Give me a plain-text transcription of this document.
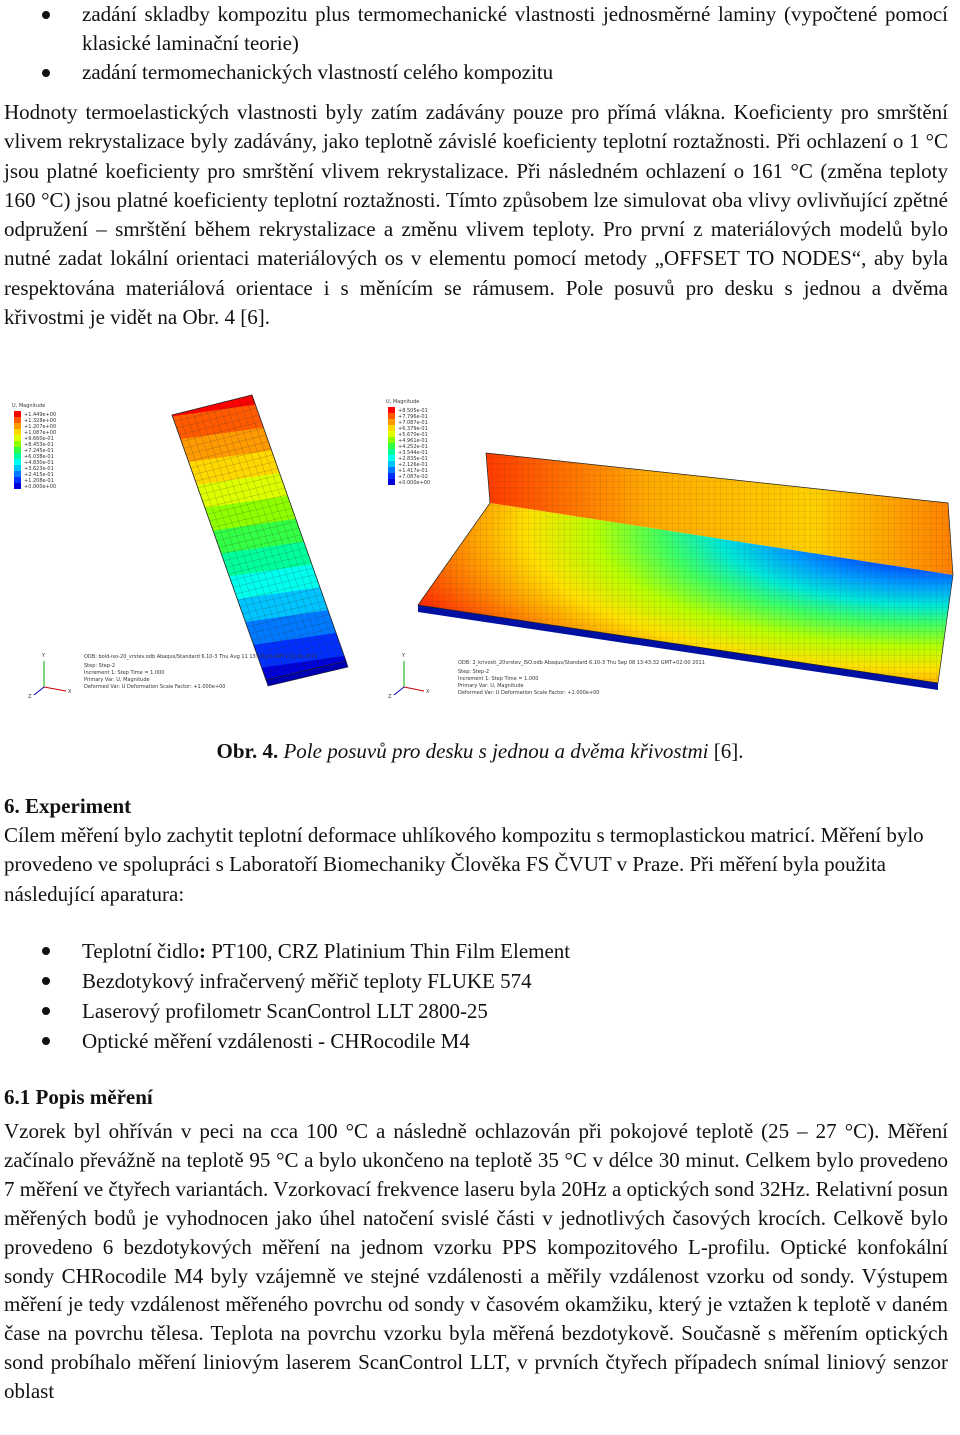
zadání skladby kompozitu plus termomechanické vlastnosti jednosměrné laminy (vypočtené pomocí klasické laminační teorie)
zadání termomechanických vlastností celého kompozitu

Hodnoty termoelastických vlastnosti byly zatím zadávány pouze pro přímá vlákna. Koeficienty pro smrštění vlivem rekrystalizace byly zadávány, jako teplotně závislé koeficienty teplotní roztažnosti. Při ochlazení o 1 °C jsou platné koeficienty pro smrštění vlivem rekrystalizace. Při následném ochlazení o 161 °C (změna teploty 160 °C) jsou platné koeficienty teplotní roztažnosti. Tímto způsobem lze simulovat oba vlivy ovlivňující zpětné odpružení – smrštění během rekrystalizace a změnu vlivem teploty. Pro první z materiálových modelů bylo nutné zadat lokální orientaci materiálových os v elementu pomocí metody „OFFSET TO NODES“, aby byla respektována materiálová orientace i s měnícím se rámusem. Pole posuvů pro desku s jednou a dvěma křivostmi je vidět na Obr. 4 [6].

U, Magnitude
+1.449e+00
+1.328e+00
+1.207e+00
+1.087e+00
+9.660e-01
+8.453e-01
+7.245e-01
+6.038e-01
+4.830e-01
+3.623e-01
+2.415e-01
+1.208e-01
+0.000e+00
Y
X
Z
ODB: bold-iso-20_vrstev.odb Abaqus/Standard 6.10-3 Thu Aug 11 13:49:15 GMT+02:00 2011
Step: Step-2
Increment 1: Step Time = 1.000
Primary Var: U, Magnitude
Deformed Var: U Deformation Scale Factor: +1.000e+00
U, Magnitude
+8.505e-01
+7.796e-01
+7.087e-01
+6.379e-01
+5.670e-01
+4.961e-01
+4.252e-01
+3.544e-01
+2.835e-01
+2.126e-01
+1.417e-01
+7.087e-02
+0.000e+00
Y
X
Z
ODB: 2_krivosti_20vrstev_ISO.odb Abaqus/Standard 6.10-3 Thu Sep 08 13:43:32 GMT+02:00 2011
Step: Step-2
Increment 1: Step Time = 1.000
Primary Var: U, Magnitude
Deformed Var: U Deformation Scale Factor: +1.000e+00
Obr. 4. Pole posuvů pro desku s jednou a dvěma křivostmi [6].
6. Experiment

Cílem měření bylo zachytit teplotní deformace uhlíkového kompozitu s termoplastickou matricí. Měření bylo provedeno ve spolupráci s Laboratoří Biomechaniky Člověka FS ČVUT v Praze. Při měření byla použita následující aparatura:

Teplotní čidlo: PT100, CRZ Platinium Thin Film Element
Bezdotykový infračervený měřič teploty FLUKE 574
Laserový profilometr ScanControl LLT 2800-25
Optické měření vzdálenosti - CHRocodile M4
6.1 Popis měření

Vzorek byl ohříván v peci na cca 100 °C a následně ochlazován při pokojové teplotě (25 – 27 °C). Měření začínalo převážně na teplotě 95 °C a bylo ukončeno na teplotě 35 °C v délce 30 minut. Celkem bylo provedeno 7 měření ve čtyřech variantách. Vzorkovací frekvence laseru byla 20Hz a optických sond 32Hz. Relativní posun měřených bodů je vyhodnocen jako úhel natočení svislé části v jednotlivých časových krocích. Celkově bylo provedeno 6 bezdotykových měření na jednom vzorku PPS kompozitového L-profilu. Optické konfokální sondy CHRocodile M4 byly vzájemně ve stejné vzdálenosti a měřily vzdálenost vzorku od sondy. Výstupem měření je tedy vzdálenost měřeného povrchu od sondy v časovém okamžiku, který je vztažen k teplotě v daném čase na povrchu tělesa. Teplota na povrchu vzorku byla měřená bezdotykově. Současně s měřením optických sond probíhalo měření liniovým laserem ScanControl LLT, v prvních čtyřech případech snímal liniový senzor oblast
